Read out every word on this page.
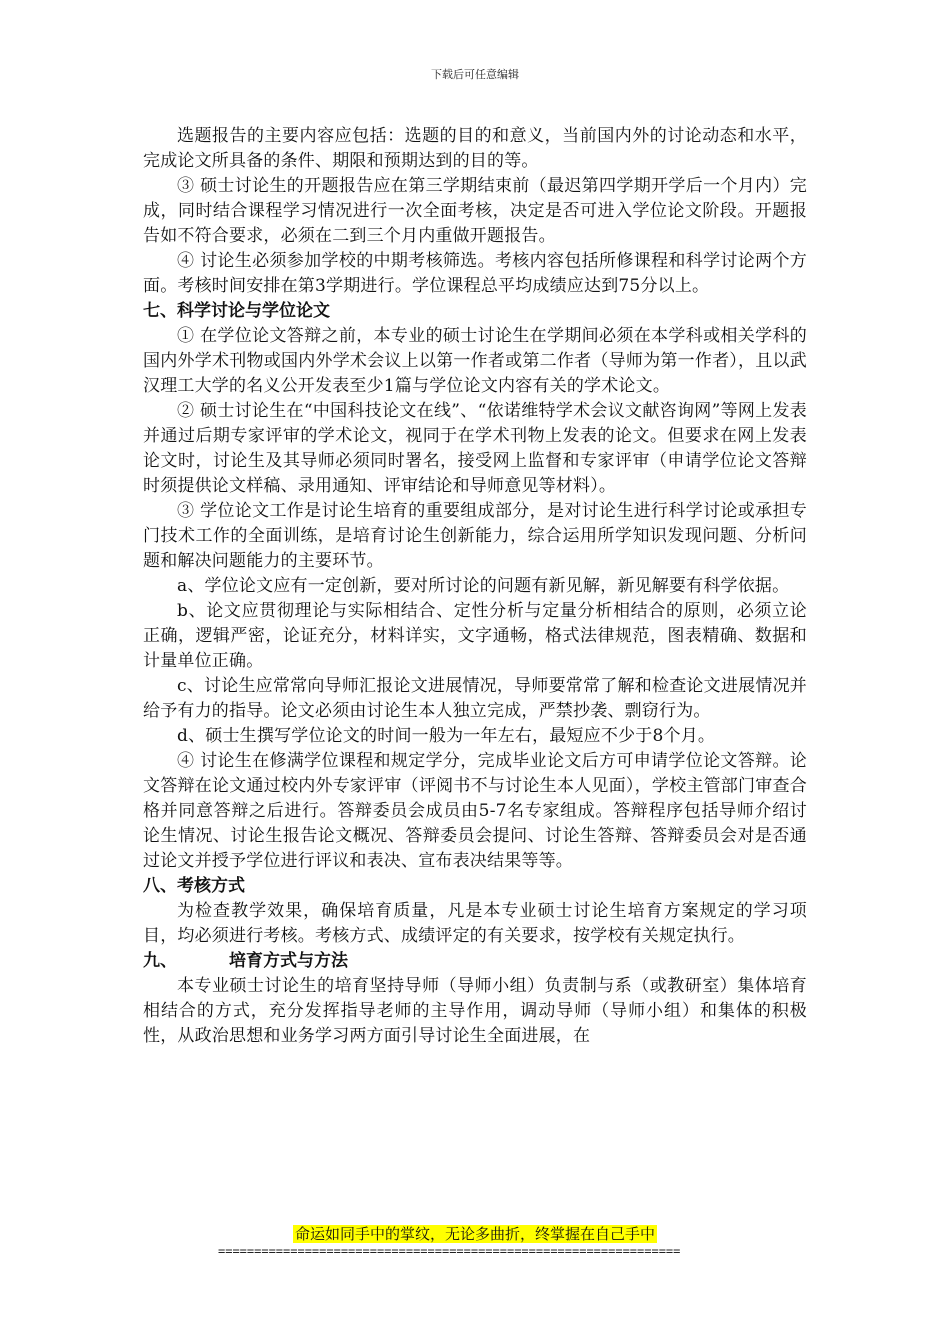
下载后可任意编辑

选题报告的主要内容应包括：选题的目的和意义，当前国内外的讨论动态和水平，完成论文所具备的条件、期限和预期达到的目的等。

③ 硕士讨论生的开题报告应在第三学期结束前（最迟第四学期开学后一个月内）完成，同时结合课程学习情况进行一次全面考核，决定是否可进入学位论文阶段。开题报告如不符合要求，必须在二到三个月内重做开题报告。

④ 讨论生必须参加学校的中期考核筛选。考核内容包括所修课程和科学讨论两个方面。考核时间安排在第3学期进行。学位课程总平均成绩应达到75分以上。

七、科学讨论与学位论文

① 在学位论文答辩之前，本专业的硕士讨论生在学期间必须在本学科或相关学科的国内外学术刊物或国内外学术会议上以第一作者或第二作者（导师为第一作者），且以武汉理工大学的名义公开发表至少1篇与学位论文内容有关的学术论文。

② 硕士讨论生在“中国科技论文在线”、“依诺维特学术会议文献咨询网”等网上发表并通过后期专家评审的学术论文，视同于在学术刊物上发表的论文。但要求在网上发表论文时，讨论生及其导师必须同时署名，接受网上监督和专家评审（申请学位论文答辩时须提供论文样稿、录用通知、评审结论和导师意见等材料）。

③ 学位论文工作是讨论生培育的重要组成部分，是对讨论生进行科学讨论或承担专门技术工作的全面训练，是培育讨论生创新能力，综合运用所学知识发现问题、分析问题和解决问题能力的主要环节。

a、学位论文应有一定创新，要对所讨论的问题有新见解，新见解要有科学依据。

b、论文应贯彻理论与实际相结合、定性分析与定量分析相结合的原则，必须立论正确，逻辑严密，论证充分，材料详实，文字通畅，格式法律规范，图表精确、数据和计量单位正确。

c、讨论生应常常向导师汇报论文进展情况，导师要常常了解和检查论文进展情况并给予有力的指导。论文必须由讨论生本人独立完成，严禁抄袭、剽窃行为。

d、硕士生撰写学位论文的时间一般为一年左右，最短应不少于8个月。

④ 讨论生在修满学位课程和规定学分，完成毕业论文后方可申请学位论文答辩。论文答辩在论文通过校内外专家评审（评阅书不与讨论生本人见面），学校主管部门审查合格并同意答辩之后进行。答辩委员会成员由5-7名专家组成。答辩程序包括导师介绍讨论生情况、讨论生报告论文概况、答辩委员会提问、讨论生答辩、答辩委员会对是否通过论文并授予学位进行评议和表决、宣布表决结果等等。

八、考核方式

为检查教学效果，确保培育质量，凡是本专业硕士讨论生培育方案规定的学习项目，均必须进行考核。考核方式、成绩评定的有关要求，按学校有关规定执行。

九、	培育方式与方法

本专业硕士讨论生的培育坚持导师（导师小组）负责制与系（或教研室）集体培育相结合的方式，充分发挥指导老师的主导作用，调动导师（导师小组）和集体的积极性，从政治思想和业务学习两方面引导讨论生全面进展，在

命运如同手中的掌纹，无论多曲折，终掌握在自己手中
================================================================
